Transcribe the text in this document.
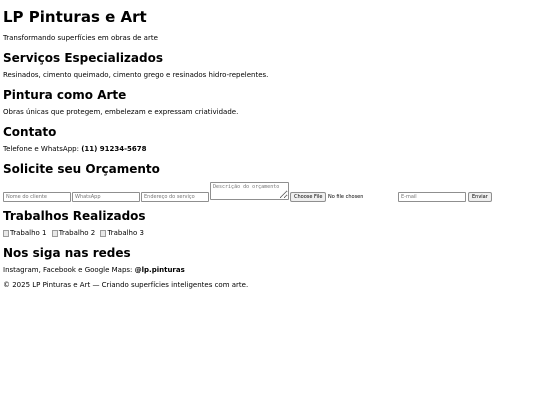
LP Pinturas e Art

Transformando superfícies em obras de arte

Serviços Especializados

Resinados, cimento queimado, cimento grego e resinados hidro-repelentes.

Pintura como Arte

Obras únicas que protegem, embelezam e expressam criatividade.

Contato

Telefone e WhatsApp: (11) 91234-5678

Solicite seu Orçamento
Nome do cliente
WhatsApp
Endereço do serviço
Descrição do orçamento
Choose File	No file chosen
E-mail	Enviar
Trabalhos Realizados
Trabalho 1
Trabalho 2
Trabalho 3
Nos siga nas redes

Instagram, Facebook e Google Maps: @lp.pinturas

© 2025 LP Pinturas e Art — Criando superfícies inteligentes com arte.
